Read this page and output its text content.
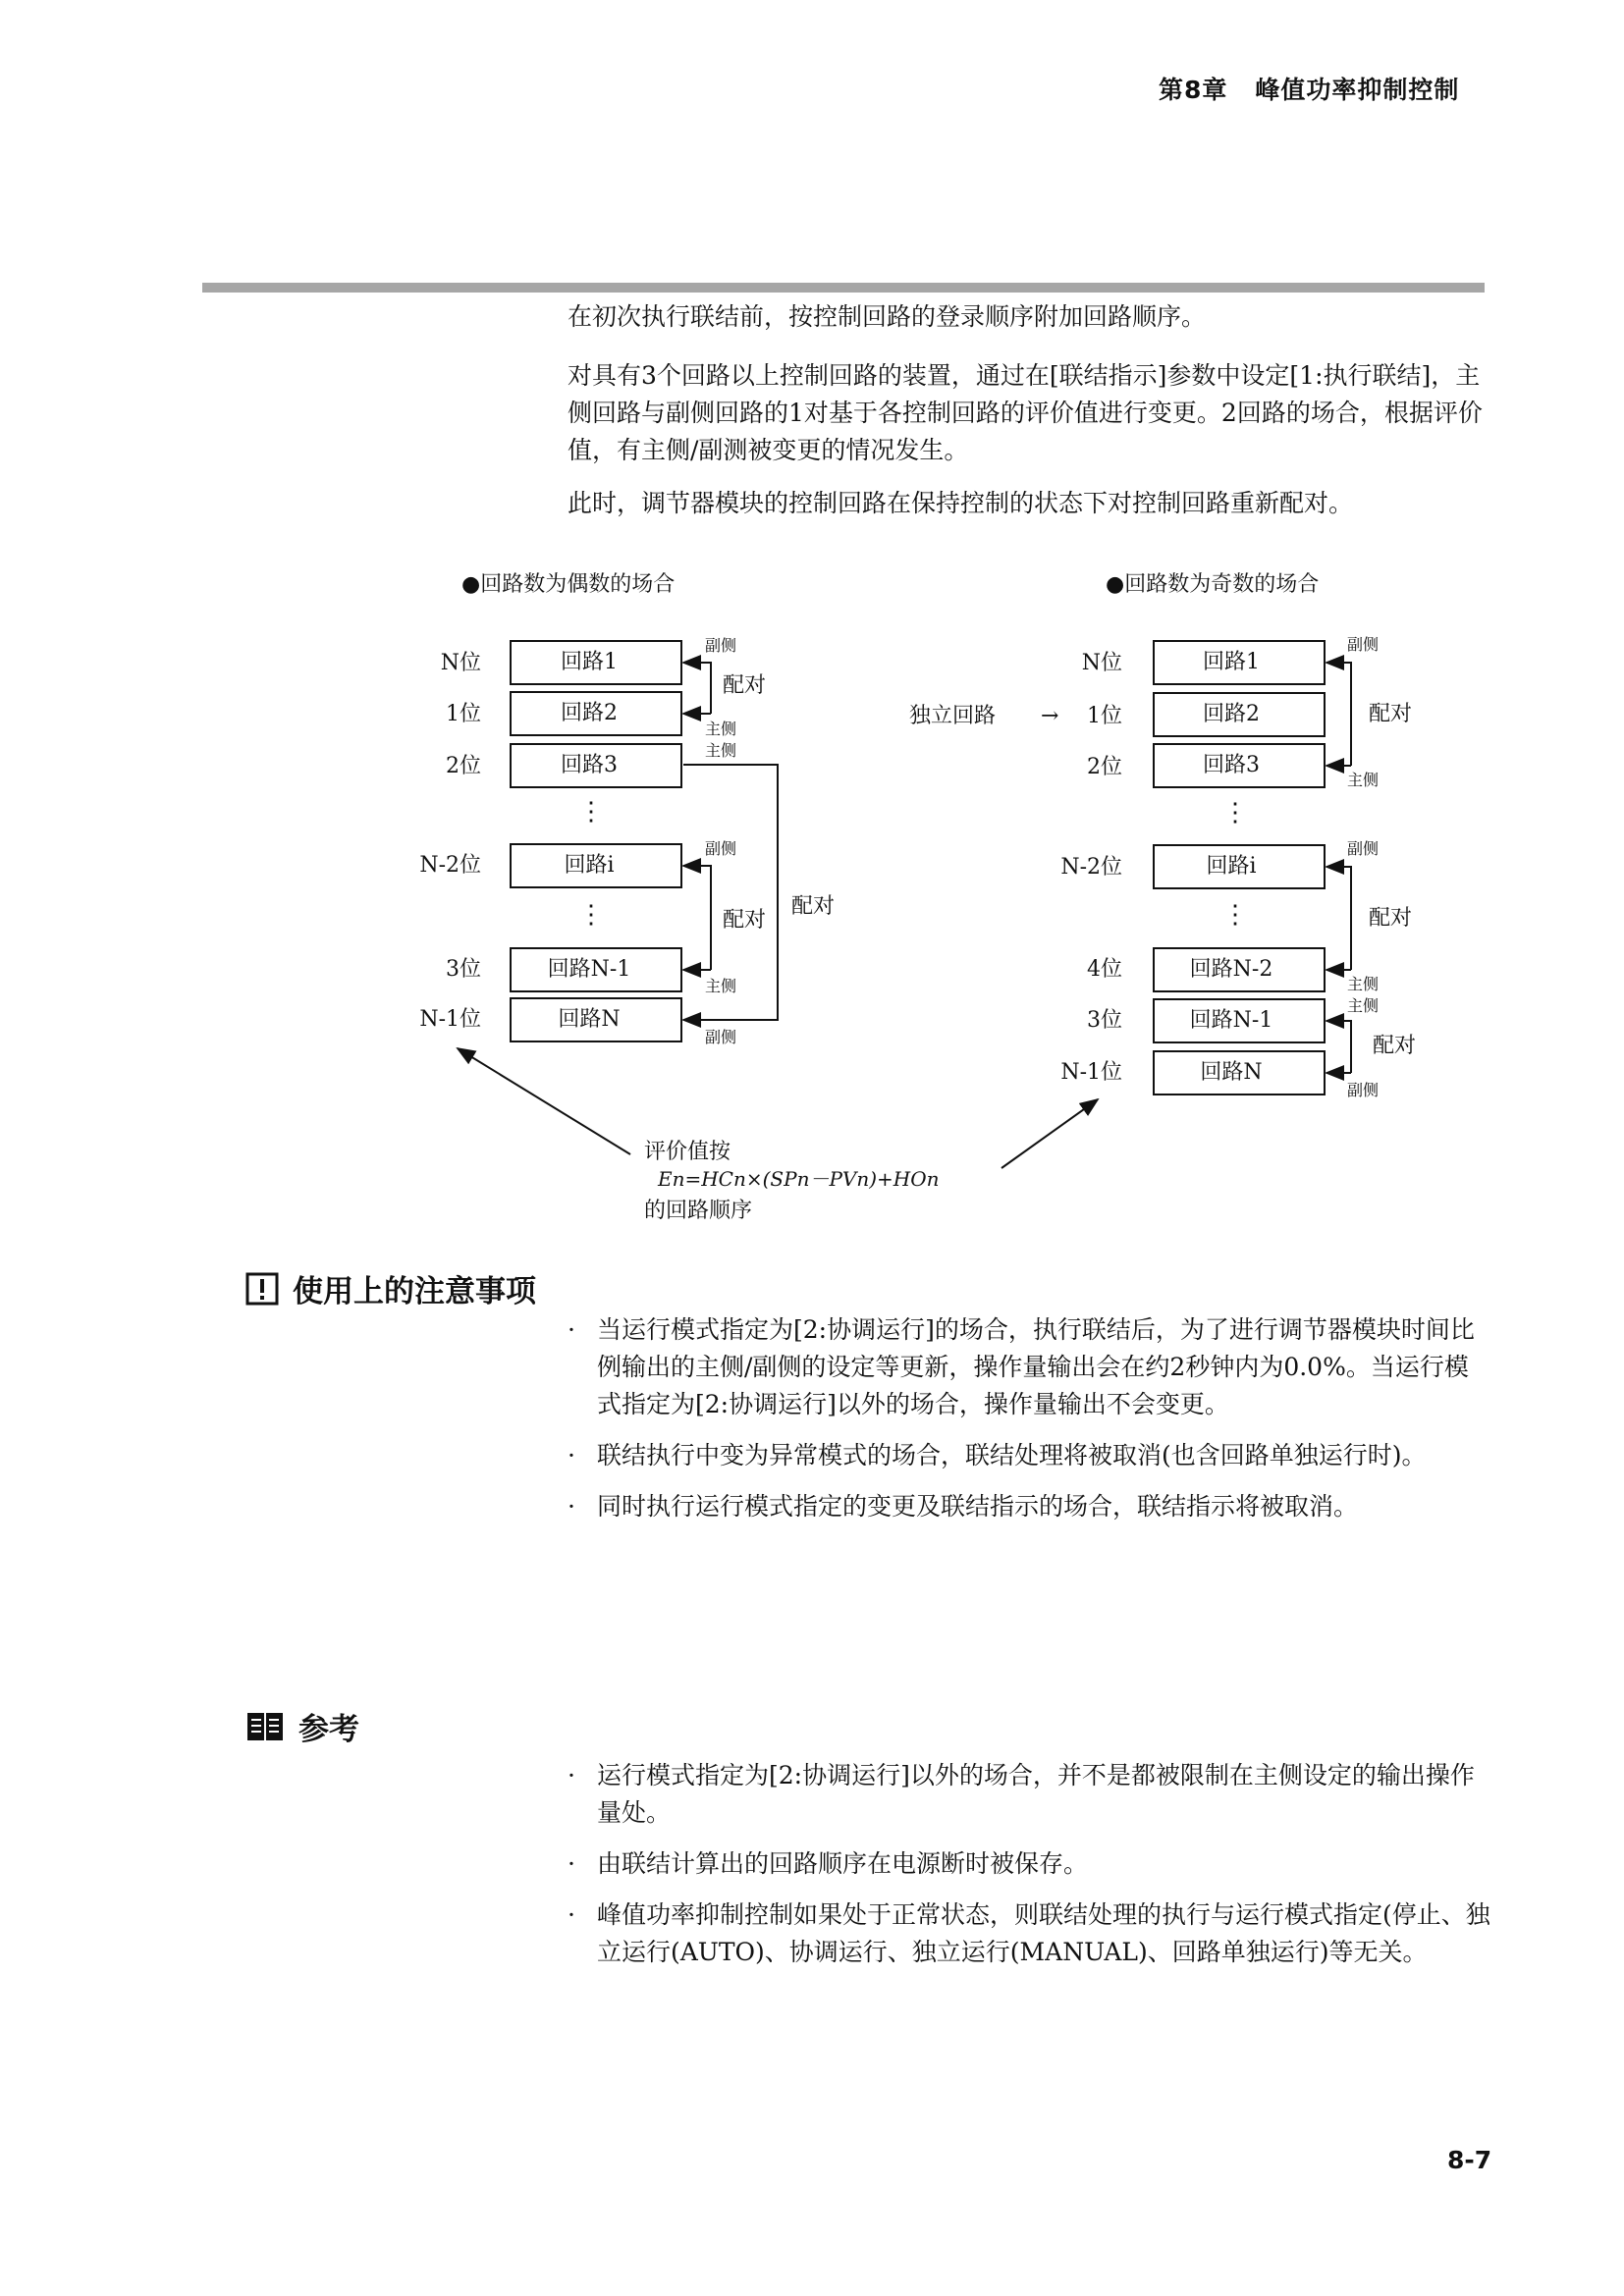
第8章 峰值功率抑制控制

在初次执行联结前，按控制回路的登录顺序附加回路顺序。

对具有3个回路以上控制回路的装置，通过在[联结指示]参数中设定[1:执行联结]，主侧回路与副侧回路的1对基于各控制回路的评价值进行变更。2回路的场合，根据评价值，有主侧/副测被变更的情况发生。

此时，调节器模块的控制回路在保持控制的状态下对控制回路重新配对。

●回路数为偶数的场合
N位
1位
2位
N-2位
3位
N-1位
回路1
回路2
回路3
回路i
回路N-1
回路N
⋮
⋮
副侧
配对
主侧
主侧
配对
副侧
副侧
配对
主侧
●回路数为奇数的场合
独立回路 →
N位
1位
2位
N-2位
4位
3位
N-1位
回路1
回路2
回路3
回路i
回路N-2
回路N-1
回路N
⋮
⋮
副侧
配对
主侧
副侧
配对
主侧
主侧
配对
副侧
评价值按
En=HCn×(SPn－PVn)+HOn
的回路顺序
使用上的注意事项
· 当运行模式指定为[2:协调运行]的场合，执行联结后，为了进行调节器模块时间比例输出的主侧/副侧的设定等更新，操作量输出会在约2秒钟内为0.0%。当运行模式指定为[2:协调运行]以外的场合，操作量输出不会变更。
· 联结执行中变为异常模式的场合，联结处理将被取消(也含回路单独运行时)。
· 同时执行运行模式指定的变更及联结指示的场合，联结指示将被取消。
参考
· 运行模式指定为[2:协调运行]以外的场合，并不是都被限制在主侧设定的输出操作量处。
· 由联结计算出的回路顺序在电源断时被保存。
· 峰值功率抑制控制如果处于正常状态，则联结处理的执行与运行模式指定(停止、独立运行(AUTO)、协调运行、独立运行(MANUAL)、回路单独运行)等无关。
8-7
